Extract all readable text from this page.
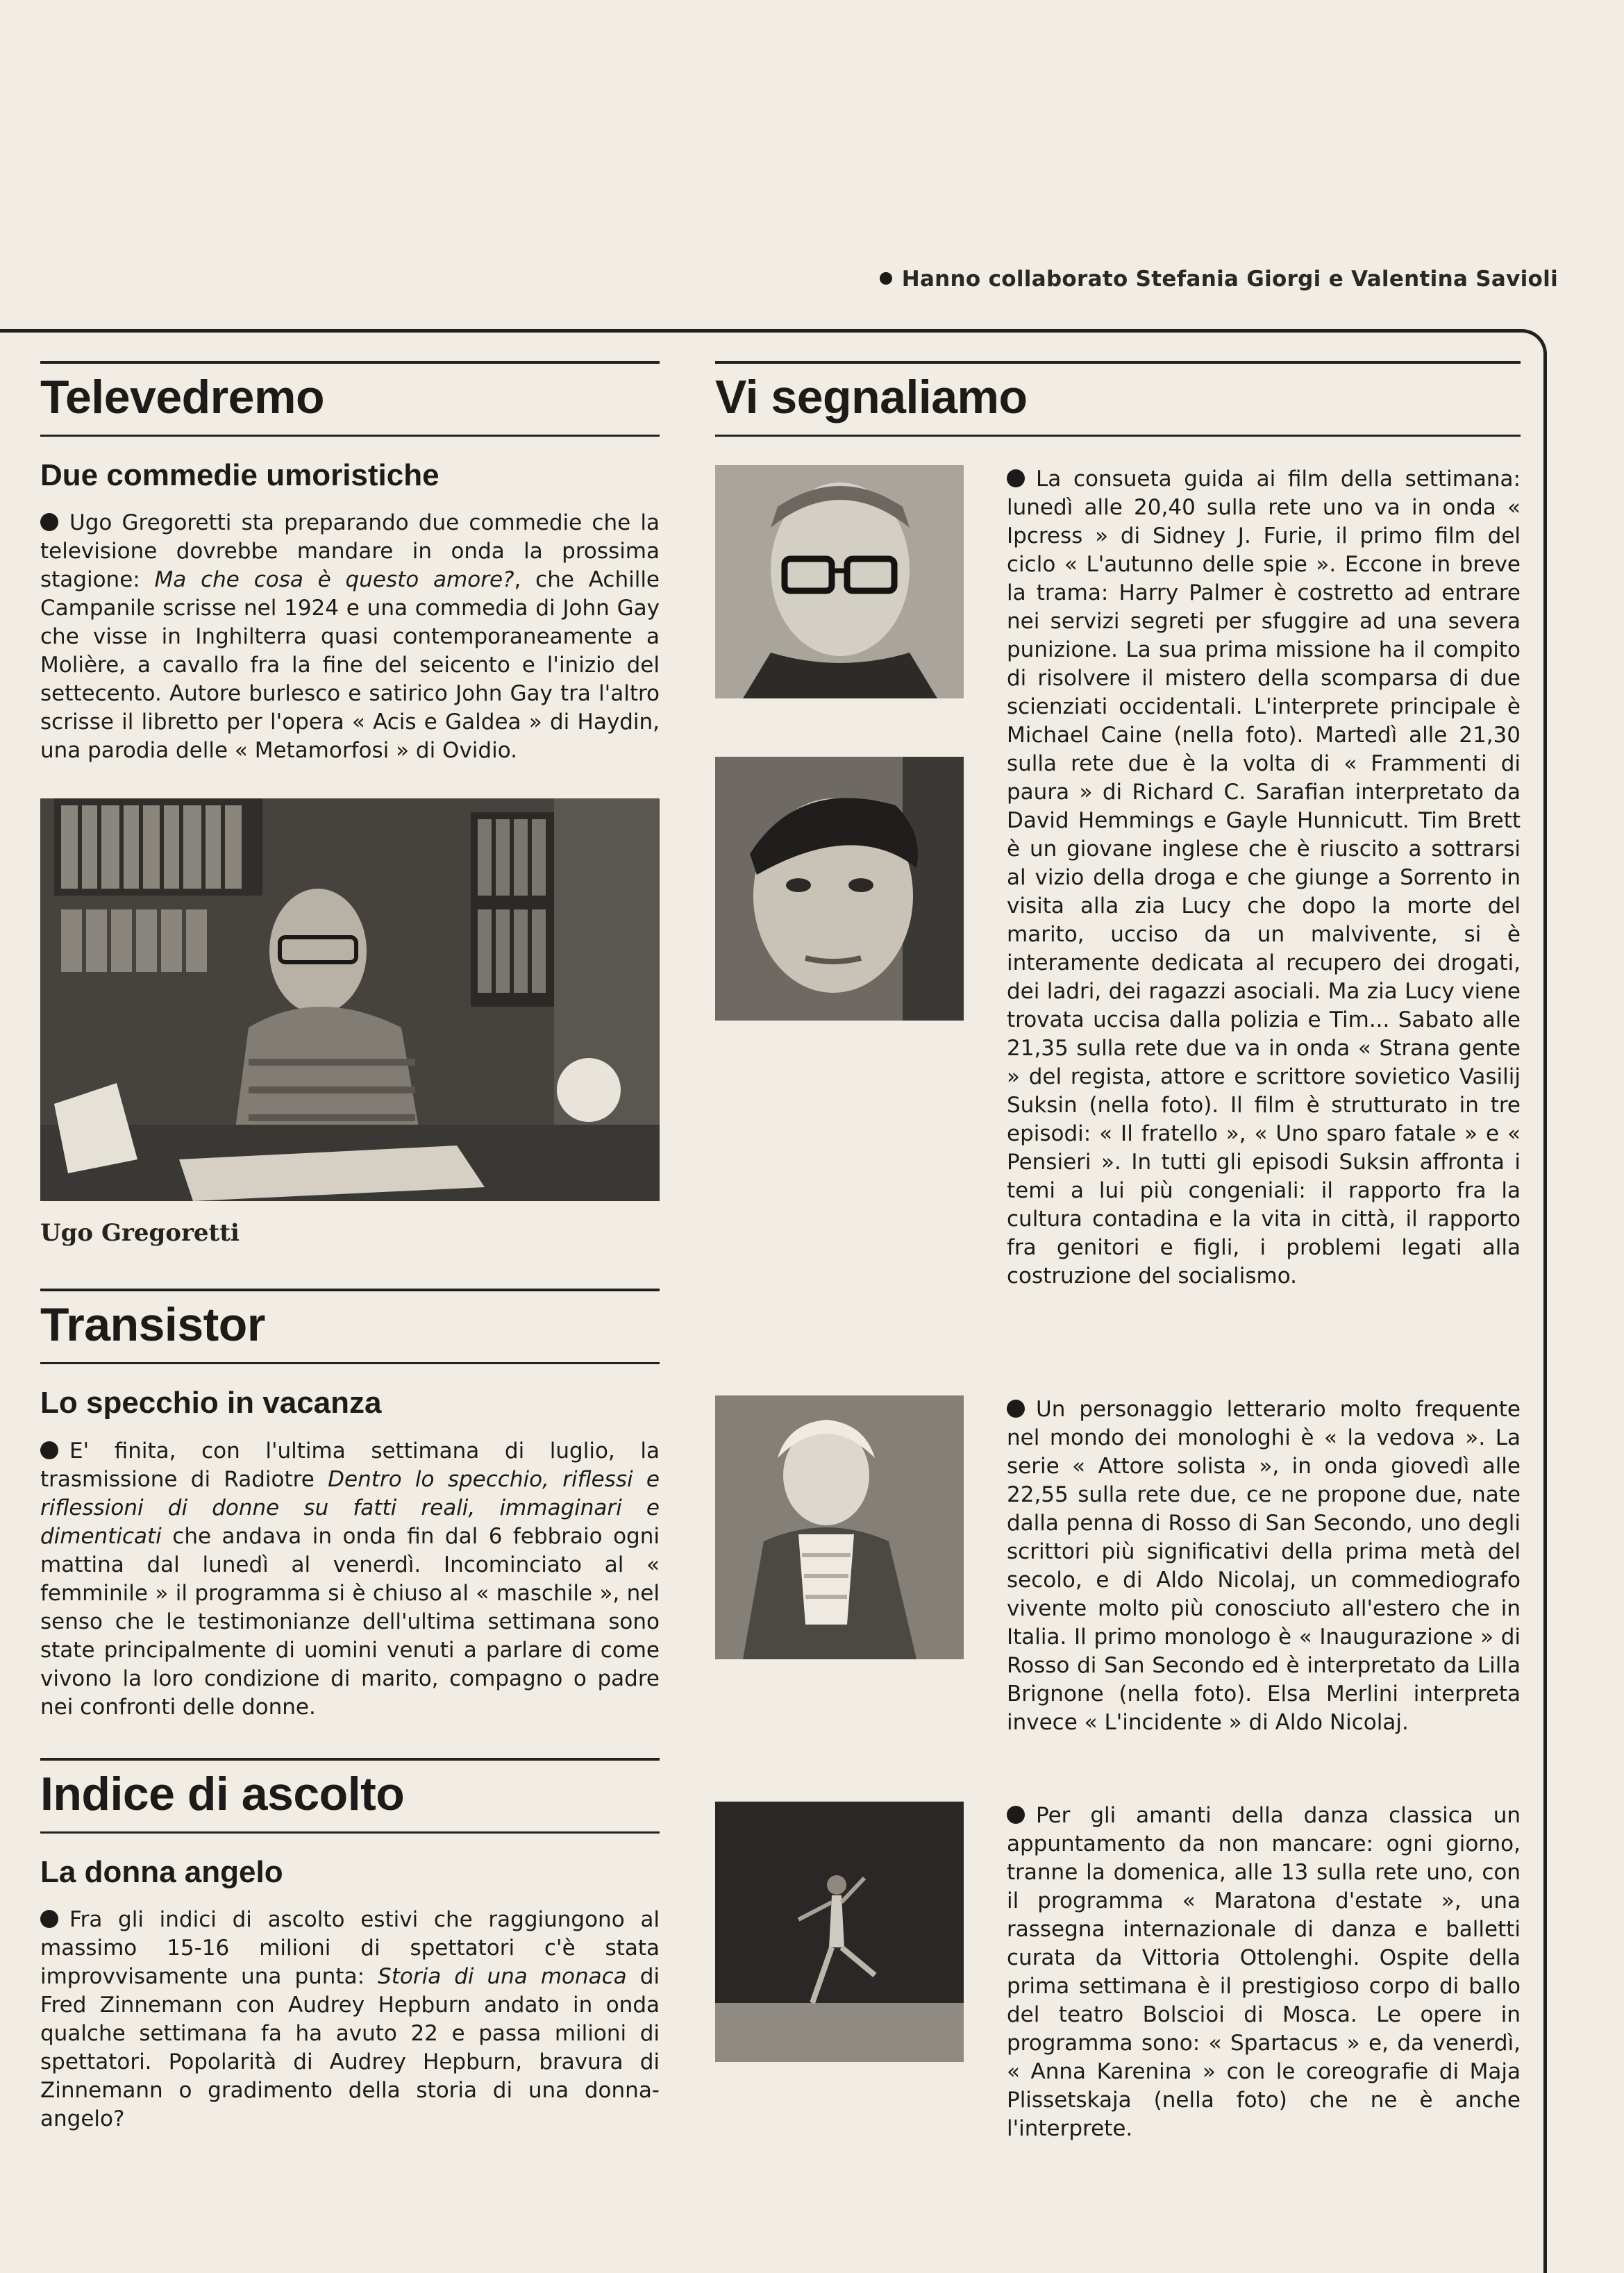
Hanno collaborato Stefania Giorgi e Valentina Savioli
Televedremo
Due commedie umoristiche

Ugo Gregoretti sta preparando due commedie che la televisione dovrebbe mandare in onda la prossima stagione: Ma che cosa è questo amore?, che Achille Campanile scrisse nel 1924 e una commedia di John Gay che visse in Inghilterra quasi contemporaneamente a Molière, a cavallo fra la fine del seicento e l'inizio del settecento. Autore burlesco e satirico John Gay tra l'altro scrisse il libretto per l'opera « Acis e Galdea » di Haydin, una parodia delle « Metamorfosi » di Ovidio.

Ugo Gregoretti
Transistor
Lo specchio in vacanza

E' finita, con l'ultima settimana di luglio, la trasmissione di Radiotre Dentro lo specchio, riflessi e riflessioni di donne su fatti reali, immaginari e dimenticati che andava in onda fin dal 6 febbraio ogni mattina dal lunedì al venerdì. Incominciato al « femminile » il programma si è chiuso al « maschile », nel senso che le testimonianze dell'ultima settimana sono state principalmente di uomini venuti a parlare di come vivono la loro condizione di marito, compagno o padre nei confronti delle donne.

Indice di ascolto
La donna angelo

Fra gli indici di ascolto estivi che raggiungono al massimo 15-16 milioni di spettatori c'è stata improvvisamente una punta: Storia di una monaca di Fred Zinnemann con Audrey Hepburn andato in onda qualche settimana fa ha avuto 22 e passa milioni di spettatori. Popolarità di Audrey Hepburn, bravura di Zinnemann o gradimento della storia di una donna-angelo?

Vi segnaliamo

La consueta guida ai film della settimana: lunedì alle 20,40 sulla rete uno va in onda « Ipcress » di Sidney J. Furie, il primo film del ciclo « L'autunno delle spie ». Eccone in breve la trama: Harry Palmer è costretto ad entrare nei servizi segreti per sfuggire ad una severa punizione. La sua prima missione ha il compito di risolvere il mistero della scomparsa di due scienziati occidentali. L'interprete principale è Michael Caine (nella foto). Martedì alle 21,30 sulla rete due è la volta di « Frammenti di paura » di Richard C. Sarafian interpretato da David Hemmings e Gayle Hunnicutt. Tim Brett è un giovane inglese che è riuscito a sottrarsi al vizio della droga e che giunge a Sorrento in visita alla zia Lucy che dopo la morte del marito, ucciso da un malvivente, si è interamente dedicata al recupero dei drogati, dei ladri, dei ragazzi asociali. Ma zia Lucy viene trovata uccisa dalla polizia e Tim... Sabato alle 21,35 sulla rete due va in onda « Strana gente » del regista, attore e scrittore sovietico Vasilij Suksin (nella foto). Il film è strutturato in tre episodi: « Il fratello », « Uno sparo fatale » e « Pensieri ». In tutti gli episodi Suksin affronta i temi a lui più congeniali: il rapporto fra la cultura contadina e la vita in città, il rapporto fra genitori e figli, i problemi legati alla costruzione del socialismo.

Un personaggio letterario molto frequente nel mondo dei monologhi è « la vedova ». La serie « Attore solista », in onda giovedì alle 22,55 sulla rete due, ce ne propone due, nate dalla penna di Rosso di San Secondo, uno degli scrittori più significativi della prima metà del secolo, e di Aldo Nicolaj, un commediografo vivente molto più conosciuto all'estero che in Italia. Il primo monologo è « Inaugurazione » di Rosso di San Secondo ed è interpretato da Lilla Brignone (nella foto). Elsa Merlini interpreta invece « L'incidente » di Aldo Nicolaj.

Per gli amanti della danza classica un appuntamento da non mancare: ogni giorno, tranne la domenica, alle 13 sulla rete uno, con il programma « Maratona d'estate », una rassegna internazionale di danza e balletti curata da Vittoria Ottolenghi. Ospite della prima settimana è il prestigioso corpo di ballo del teatro Bolscioi di Mosca. Le opere in programma sono: « Spartacus » e, da venerdì, « Anna Karenina » con le coreografie di Maja Plissetskaja (nella foto) che ne è anche l'interprete.
